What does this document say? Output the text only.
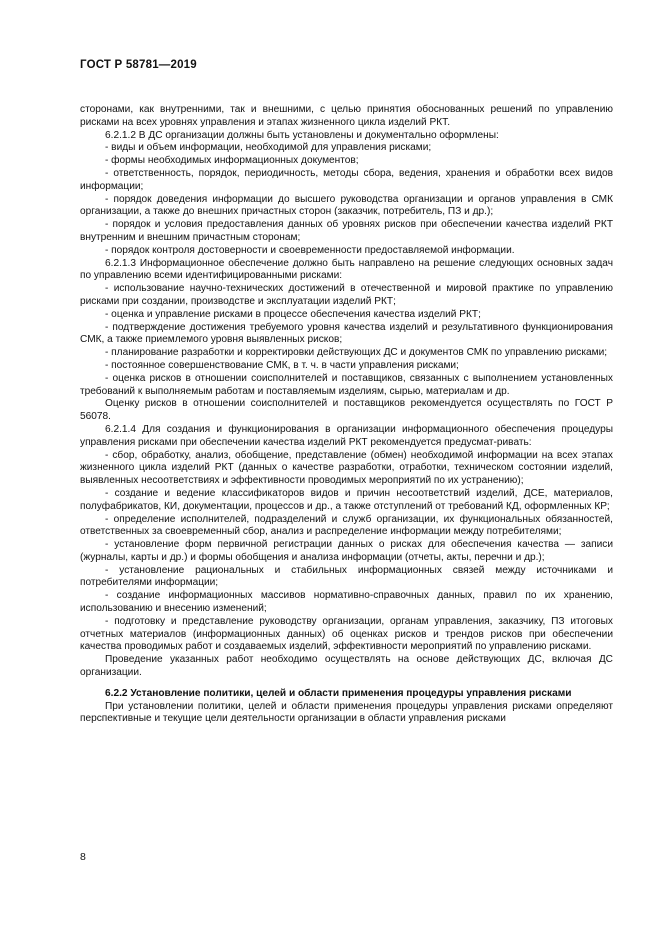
ГОСТ Р 58781—2019
сторонами, как внутренними, так и внешними, с целью принятия обоснованных решений по управлению рисками на всех уровнях управления и этапах жизненного цикла изделий РКТ.
6.2.1.2 В ДС организации должны быть установлены и документально оформлены:
- виды и объем информации, необходимой для управления рисками;
- формы необходимых информационных документов;
- ответственность, порядок, периодичность, методы сбора, ведения, хранения и обработки всех видов информации;
- порядок доведения информации до высшего руководства организации и органов управления в СМК организации, а также до внешних причастных сторон (заказчик, потребитель, ПЗ и др.);
- порядок и условия предоставления данных об уровнях рисков при обеспечении качества изделий РКТ внутренним и внешним причастным сторонам;
- порядок контроля достоверности и своевременности предоставляемой информации.
6.2.1.3 Информационное обеспечение должно быть направлено на решение следующих основных задач по управлению всеми идентифицированными рисками:
- использование научно-технических достижений в отечественной и мировой практике по управлению рисками при создании, производстве и эксплуатации изделий РКТ;
- оценка и управление рисками в процессе обеспечения качества изделий РКТ;
- подтверждение достижения требуемого уровня качества изделий и результативного функционирования СМК, а также приемлемого уровня выявленных рисков;
- планирование разработки и корректировки действующих ДС и документов СМК по управлению рисками;
- постоянное совершенствование СМК, в т. ч. в части управления рисками;
- оценка рисков в отношении соисполнителей и поставщиков, связанных с выполнением установленных требований к выполняемым работам и поставляемым изделиям, сырью, материалам и др.
Оценку рисков в отношении соисполнителей и поставщиков рекомендуется осуществлять по ГОСТ Р 56078.
6.2.1.4 Для создания и функционирования в организации информационного обеспечения процедуры управления рисками при обеспечении качества изделий РКТ рекомендуется предусмат-ривать:
- сбор, обработку, анализ, обобщение, представление (обмен) необходимой информации на всех этапах жизненного цикла изделий РКТ (данных о качестве разработки, отработки, техническом состоянии изделий, выявленных несоответствиях и эффективности проводимых мероприятий по их устранению);
- создание и ведение классификаторов видов и причин несоответствий изделий, ДСЕ, материалов, полуфабрикатов, КИ, документации, процессов и др., а также отступлений от требований КД, оформленных КР;
- определение исполнителей, подразделений и служб организации, их функциональных обязанностей, ответственных за своевременный сбор, анализ и распределение информации между потребителями;
- установление форм первичной регистрации данных о рисках для обеспечения качества — записи (журналы, карты и др.) и формы обобщения и анализа информации (отчеты, акты, перечни и др.);
- установление рациональных и стабильных информационных связей между источниками и потребителями информации;
- создание информационных массивов нормативно-справочных данных, правил по их хранению, использованию и внесению изменений;
- подготовку и представление руководству организации, органам управления, заказчику, ПЗ итоговых отчетных материалов (информационных данных) об оценках рисков и трендов рисков при обеспечении качества проводимых работ и создаваемых изделий, эффективности мероприятий по управлению рисками.
Проведение указанных работ необходимо осуществлять на основе действующих ДС, включая ДС организации.
6.2.2 Установление политики, целей и области применения процедуры управления рисками
При установлении политики, целей и области применения процедуры управления рисками определяют перспективные и текущие цели деятельности организации в области управления рисками
8
